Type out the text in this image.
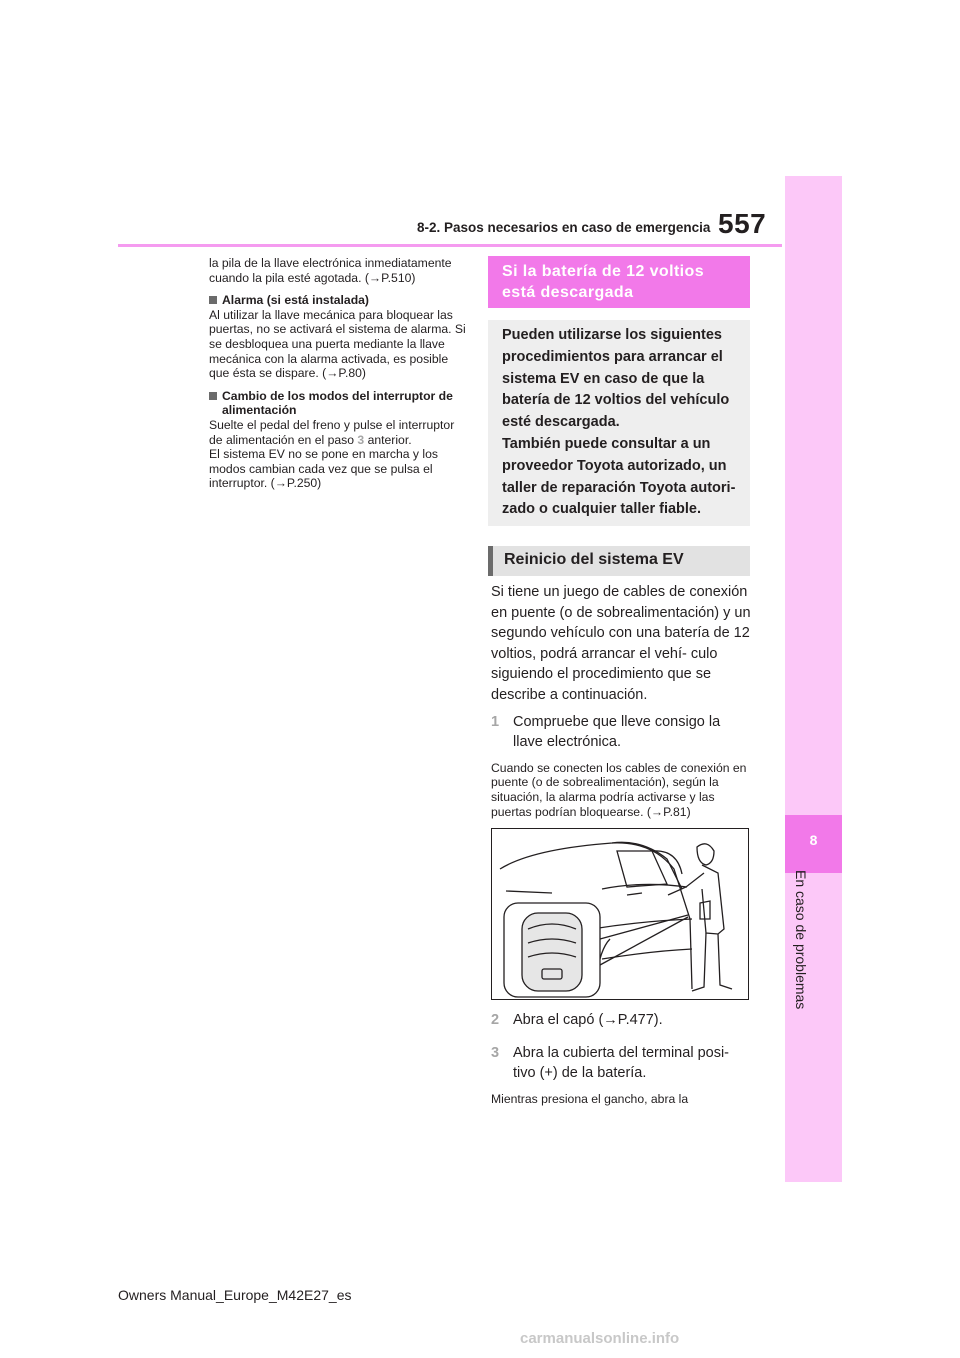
8
En caso de problemas
8-2. Pasos necesarios en caso de emergencia 557

la pila de la llave electrónica inmediatamente cuando la pila esté agotada. (→P.510)

Alarma (si está instalada)

Al utilizar la llave mecánica para bloquear las puertas, no se activará el sistema de alarma. Si se desbloquea una puerta mediante la llave mecánica con la alarma activada, es posible que ésta se dispare. (→P.80)

Cambio de los modos del interruptor de alimentación

Suelte el pedal del freno y pulse el interruptor de alimentación en el paso 3 anterior.
El sistema EV no se pone en marcha y los modos cambian cada vez que se pulsa el interruptor. (→P.250)

Si la batería de 12 voltios está descargada
Pueden utilizarse los siguientes procedimientos para arrancar el sistema EV en caso de que la batería de 12 voltios del vehículo esté descargada.
También puede consultar a un proveedor Toyota autorizado, un taller de reparación Toyota autori- zado o cualquier taller fiable.
Reinicio del sistema EV

Si tiene un juego de cables de conexión en puente (o de sobrealimentación) y un segundo vehículo con una batería de 12 voltios, podrá arrancar el vehí- culo siguiendo el procedimiento que se describe a continuación.

1 Compruebe que lleve consigo la llave electrónica.

Cuando se conecten los cables de conexión en puente (o de sobrealimentación), según la situación, la alarma podría activarse y las puertas podrían bloquearse. (→P.81)

2 Abra el capó (→P.477).
3 Abra la cubierta del terminal posi- tivo (+) de la batería.

Mientras presiona el gancho, abra la

Owners Manual_Europe_M42E27_es
carmanualsonline.info
